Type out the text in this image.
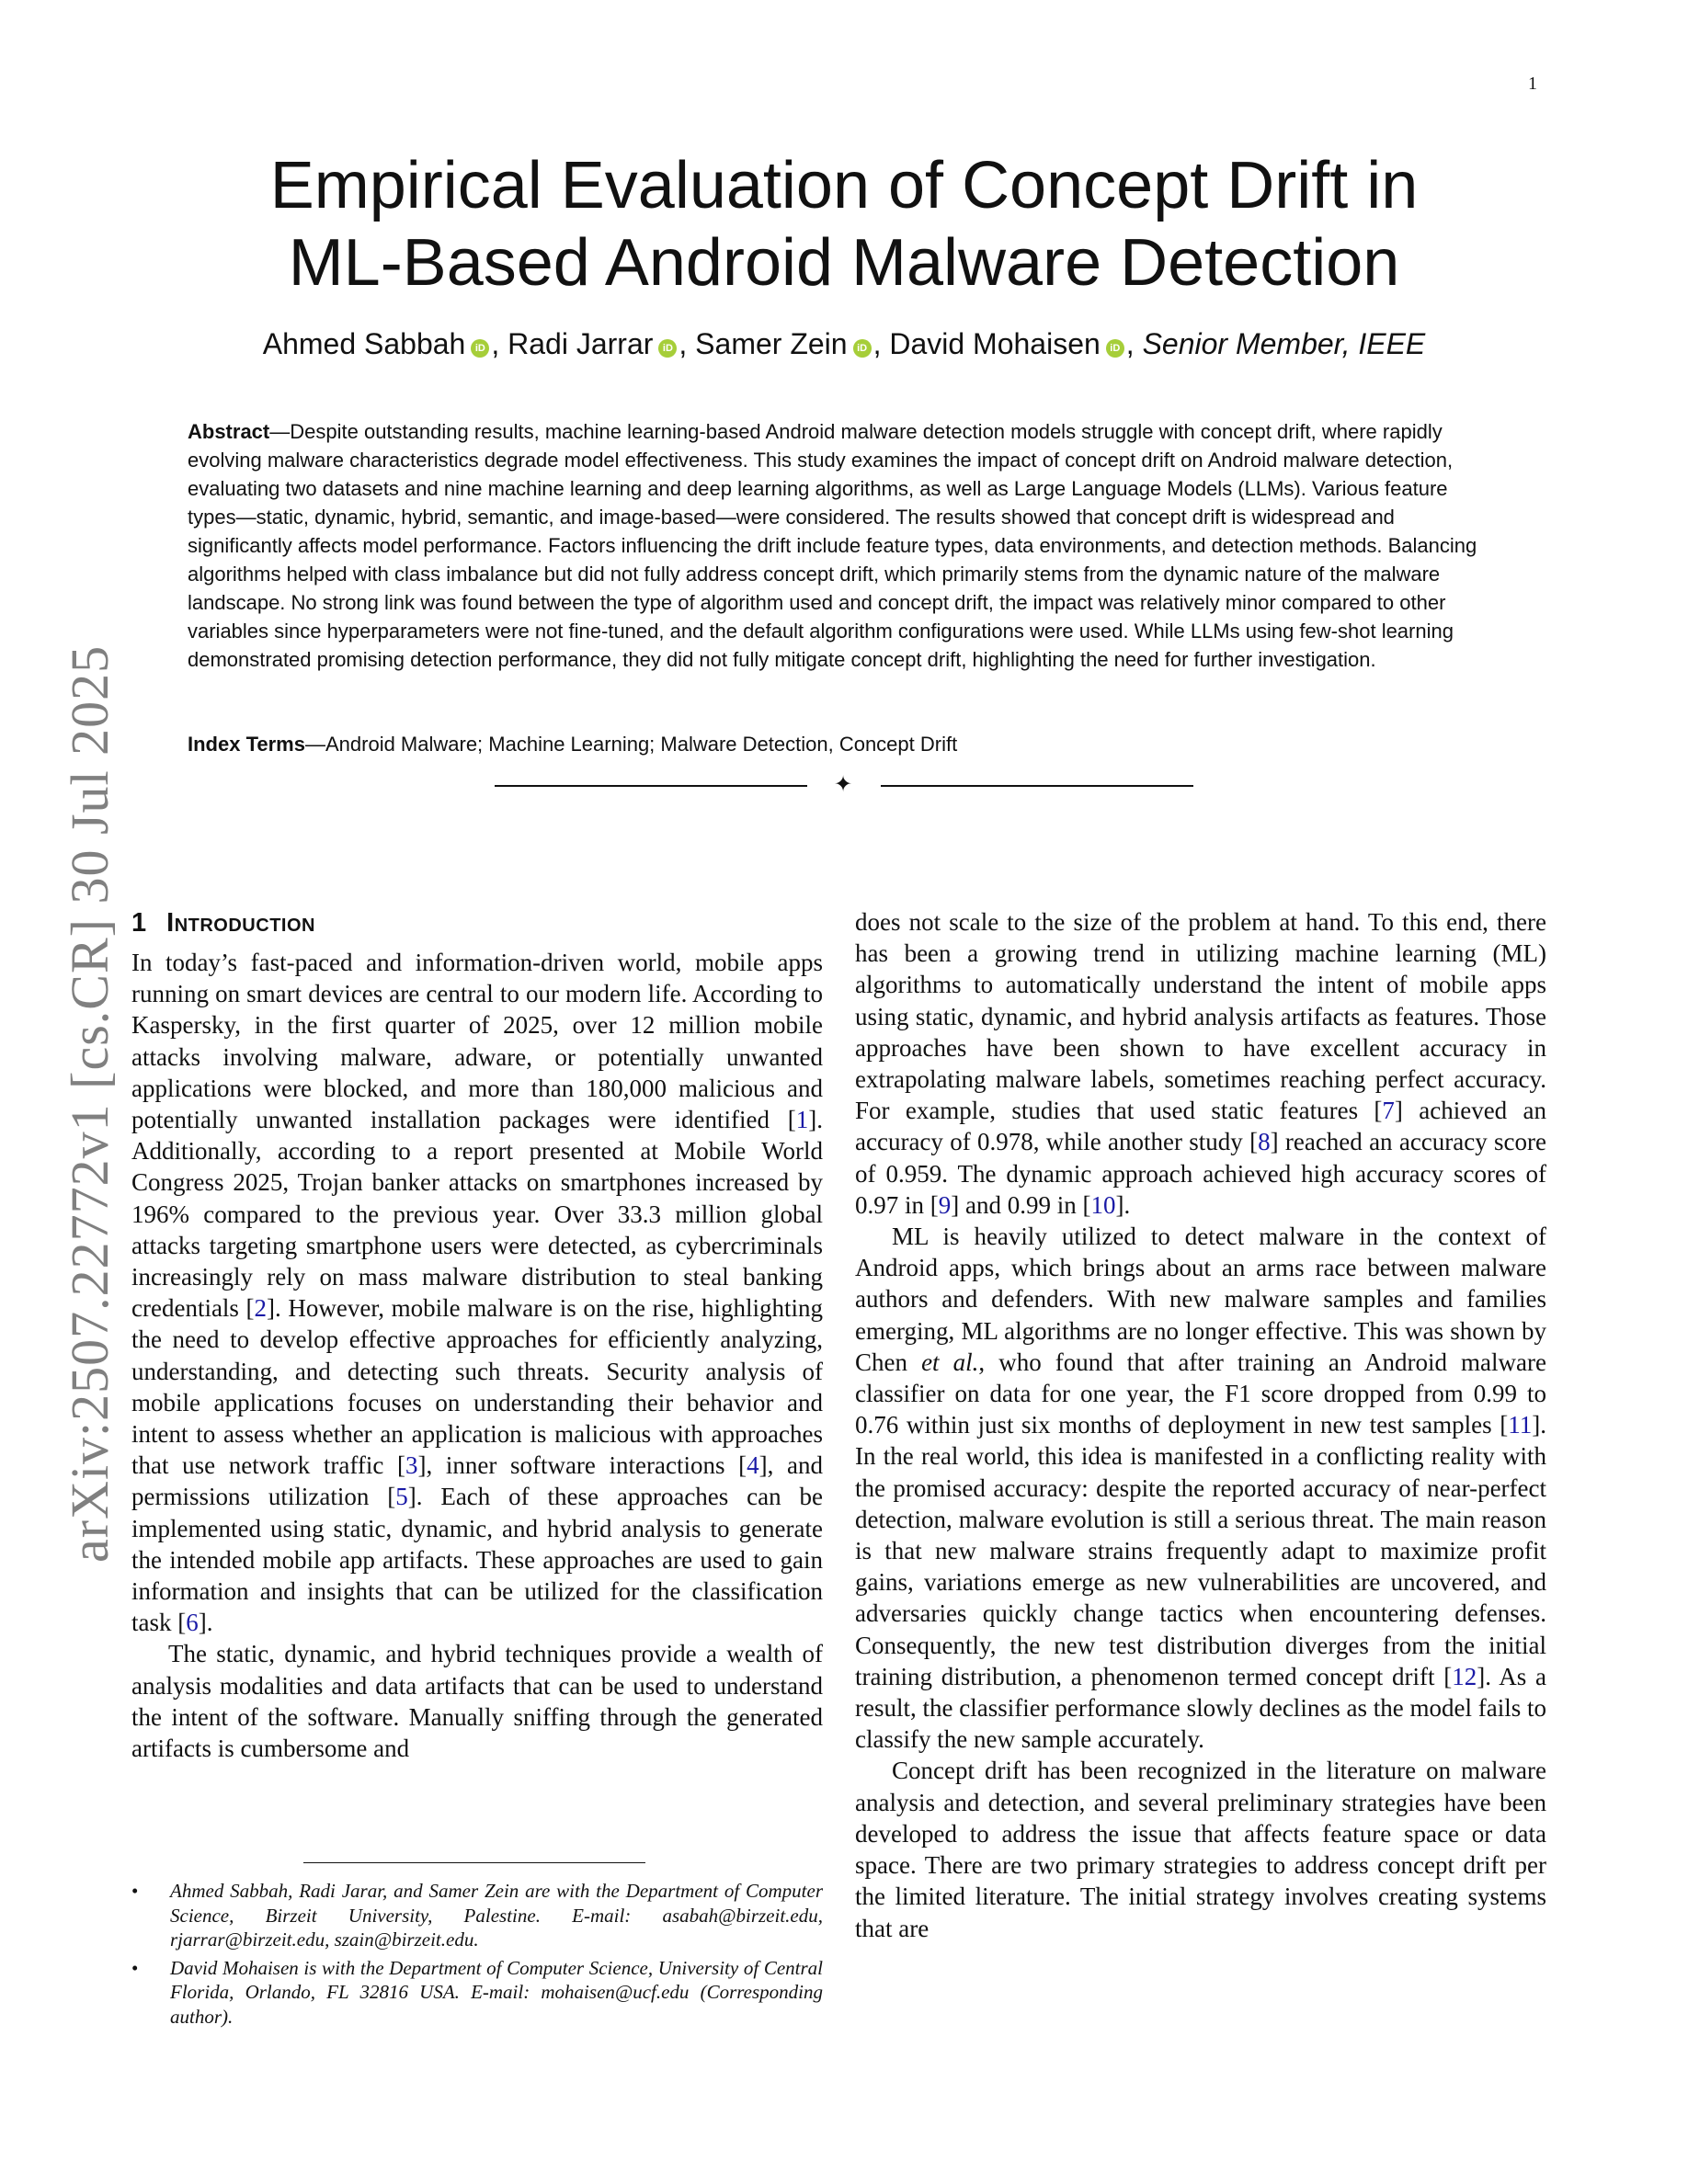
1
Empirical Evaluation of Concept Drift in
ML-Based Android Malware Detection
Ahmed Sabbah iD , Radi Jarrar iD , Samer Zein iD , David Mohaisen iD , Senior Member, IEEE
Abstract—Despite outstanding results, machine learning-based Android malware detection models struggle with concept drift, where rapidly evolving malware characteristics degrade model effectiveness. This study examines the impact of concept drift on Android malware detection, evaluating two datasets and nine machine learning and deep learning algorithms, as well as Large Language Models (LLMs). Various feature types—static, dynamic, hybrid, semantic, and image-based—were considered. The results showed that concept drift is widespread and significantly affects model performance. Factors influencing the drift include feature types, data environments, and detection methods. Balancing algorithms helped with class imbalance but did not fully address concept drift, which primarily stems from the dynamic nature of the malware landscape. No strong link was found between the type of algorithm used and concept drift, the impact was relatively minor compared to other variables since hyperparameters were not fine-tuned, and the default algorithm configurations were used. While LLMs using few-shot learning demonstrated promising detection performance, they did not fully mitigate concept drift, highlighting the need for further investigation.
Index Terms—Android Malware; Machine Learning; Malware Detection, Concept Drift
✦
arXiv:2507.22772v1 [cs.CR] 30 Jul 2025 1 Introduction

In today’s fast-paced and information-driven world, mobile apps running on smart devices are central to our modern life. According to Kaspersky, in the first quarter of 2025, over 12 million mobile attacks involving malware, adware, or potentially unwanted applications were blocked, and more than 180,000 malicious and potentially unwanted installation packages were identified [1]. Additionally, according to a report presented at Mobile World Congress 2025, Trojan banker attacks on smartphones increased by 196% compared to the previous year. Over 33.3 million global attacks targeting smartphone users were detected, as cybercriminals increasingly rely on mass malware distribution to steal banking credentials [2]. However, mobile malware is on the rise, highlighting the need to develop effective approaches for efficiently analyzing, understanding, and detecting such threats. Security analysis of mobile applications focuses on understanding their behavior and intent to assess whether an application is malicious with approaches that use network traffic [3], inner software interactions [4], and permissions utilization [5]. Each of these approaches can be implemented using static, dynamic, and hybrid analysis to generate the intended mobile app artifacts. These approaches are used to gain information and insights that can be utilized for the classification task [6].

The static, dynamic, and hybrid techniques provide a wealth of analysis modalities and data artifacts that can be used to understand the intent of the software. Manually sniffing through the generated artifacts is cumbersome and

• Ahmed Sabbah, Radi Jarar, and Samer Zein are with the Department of Computer Science, Birzeit University, Palestine. E-mail: asabah@birzeit.edu, rjarrar@birzeit.edu, szain@birzeit.edu.
• David Mohaisen is with the Department of Computer Science, University of Central Florida, Orlando, FL 32816 USA. E-mail: mohaisen@ucf.edu (Corresponding author).

does not scale to the size of the problem at hand. To this end, there has been a growing trend in utilizing machine learning (ML) algorithms to automatically understand the intent of mobile apps using static, dynamic, and hybrid analysis artifacts as features. Those approaches have been shown to have excellent accuracy in extrapolating malware labels, sometimes reaching perfect accuracy. For example, studies that used static features [7] achieved an accuracy of 0.978, while another study [8] reached an accuracy score of 0.959. The dynamic approach achieved high accuracy scores of 0.97 in [9] and 0.99 in [10].

ML is heavily utilized to detect malware in the context of Android apps, which brings about an arms race between malware authors and defenders. With new malware samples and families emerging, ML algorithms are no longer effective. This was shown by Chen et al., who found that after training an Android malware classifier on data for one year, the F1 score dropped from 0.99 to 0.76 within just six months of deployment in new test samples [11]. In the real world, this idea is manifested in a conflicting reality with the promised accuracy: despite the reported accuracy of near-perfect detection, malware evolution is still a serious threat. The main reason is that new malware strains frequently adapt to maximize profit gains, variations emerge as new vulnerabilities are uncovered, and adversaries quickly change tactics when encountering defenses. Consequently, the new test distribution diverges from the initial training distribution, a phenomenon termed concept drift [12]. As a result, the classifier performance slowly declines as the model fails to classify the new sample accurately.

Concept drift has been recognized in the literature on malware analysis and detection, and several preliminary strategies have been developed to address the issue that affects feature space or data space. There are two primary strategies to address concept drift per the limited literature. The initial strategy involves creating systems that are
